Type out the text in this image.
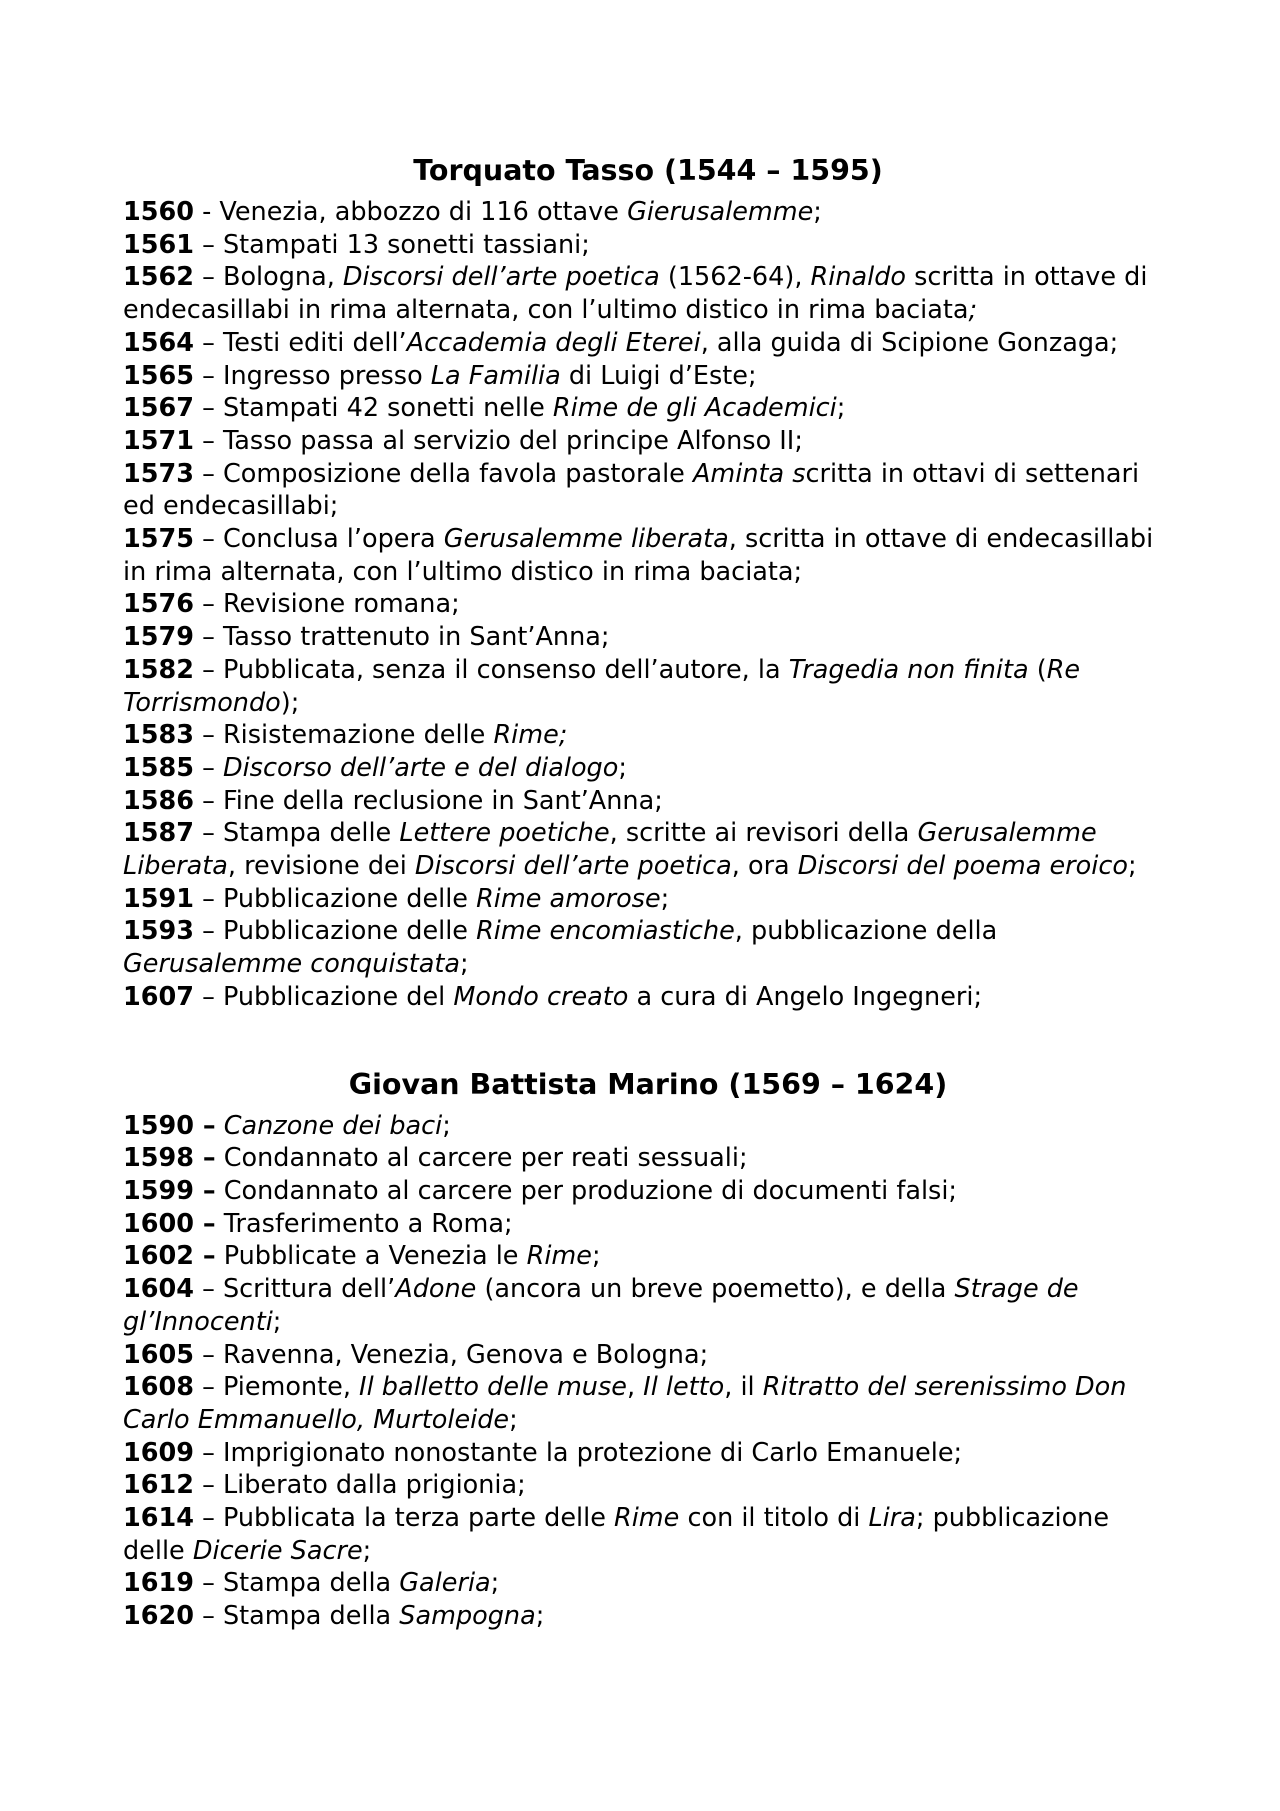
Torquato Tasso (1544 – 1595)
1560 - Venezia, abbozzo di 116 ottave Gierusalemme;
1561 – Stampati 13 sonetti tassiani;
1562 – Bologna, Discorsi dell’arte poetica (1562-64), Rinaldo scritta in ottave di endecasillabi in rima alternata, con l’ultimo distico in rima baciata;
1564 – Testi editi dell’Accademia degli Eterei, alla guida di Scipione Gonzaga;
1565 – Ingresso presso La Familia di Luigi d’Este;
1567 – Stampati 42 sonetti nelle Rime de gli Academici;
1571 – Tasso passa al servizio del principe Alfonso II;
1573 – Composizione della favola pastorale Aminta scritta in ottavi di settenari ed endecasillabi;
1575 – Conclusa l’opera Gerusalemme liberata, scritta in ottave di endecasillabi in rima alternata, con l’ultimo distico in rima baciata;
1576 – Revisione romana;
1579 – Tasso trattenuto in Sant’Anna;
1582 – Pubblicata, senza il consenso dell’autore, la Tragedia non finita (Re Torrismondo);
1583 – Risistemazione delle Rime;
1585 – Discorso dell’arte e del dialogo;
1586 – Fine della reclusione in Sant’Anna;
1587 – Stampa delle Lettere poetiche, scritte ai revisori della Gerusalemme Liberata, revisione dei Discorsi dell’arte poetica, ora Discorsi del poema eroico;
1591 – Pubblicazione delle Rime amorose;
1593 – Pubblicazione delle Rime encomiastiche, pubblicazione della Gerusalemme conquistata;
1607 – Pubblicazione del Mondo creato a cura di Angelo Ingegneri;
Giovan Battista Marino (1569 – 1624)
1590 – Canzone dei baci;
1598 – Condannato al carcere per reati sessuali;
1599 – Condannato al carcere per produzione di documenti falsi;
1600 – Trasferimento a Roma;
1602 – Pubblicate a Venezia le Rime;
1604 – Scrittura dell’Adone (ancora un breve poemetto), e della Strage de gl’Innocenti;
1605 – Ravenna, Venezia, Genova e Bologna;
1608 – Piemonte, Il balletto delle muse, Il letto, il Ritratto del serenissimo Don Carlo Emmanuello, Murtoleide;
1609 – Imprigionato nonostante la protezione di Carlo Emanuele;
1612 – Liberato dalla prigionia;
1614 – Pubblicata la terza parte delle Rime con il titolo di Lira; pubblicazione delle Dicerie Sacre;
1619 – Stampa della Galeria;
1620 – Stampa della Sampogna;
